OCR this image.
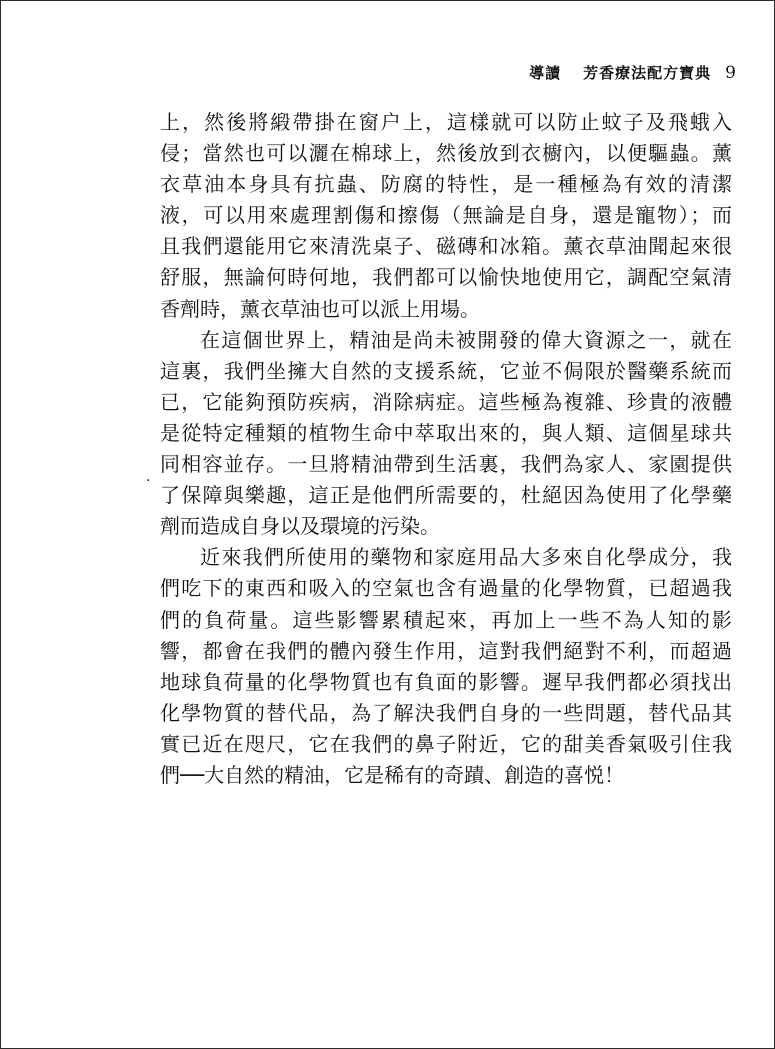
導讀 芳香療法配方寶典 9
.
上，然後將緞帶掛在窗户上，這樣就可以防止蚊子及飛蛾入
侵；當然也可以灑在棉球上，然後放到衣櫥內，以便驅蟲。薰
衣草油本身具有抗蟲、防腐的特性，是一種極為有效的清潔
液，可以用來處理割傷和擦傷（無論是自身，還是寵物）；而
且我們還能用它來清洗桌子、磁磚和冰箱。薰衣草油聞起來很
舒服，無論何時何地，我們都可以愉快地使用它，調配空氣清
香劑時，薰衣草油也可以派上用場。
在這個世界上，精油是尚未被開發的偉大資源之一，就在
這裏，我們坐擁大自然的支援系統，它並不侷限於醫藥系統而
已，它能夠預防疾病，消除病症。這些極為複雜、珍貴的液體
是從特定種類的植物生命中萃取出來的，與人類、這個星球共
同相容並存。一旦將精油帶到生活裏，我們為家人、家園提供
了保障與樂趣，這正是他們所需要的，杜絕因為使用了化學藥
劑而造成自身以及環境的污染。
近來我們所使用的藥物和家庭用品大多來自化學成分，我
們吃下的東西和吸入的空氣也含有過量的化學物質，已超過我
們的負荷量。這些影響累積起來，再加上一些不為人知的影
響，都會在我們的體內發生作用，這對我們絕對不利，而超過
地球負荷量的化學物質也有負面的影響。遲早我們都必須找出
化學物質的替代品，為了解決我們自身的一些問題，替代品其
實已近在咫尺，它在我們的鼻子附近，它的甜美香氣吸引住我
們──大自然的精油，它是稀有的奇蹟、創造的喜悦！
